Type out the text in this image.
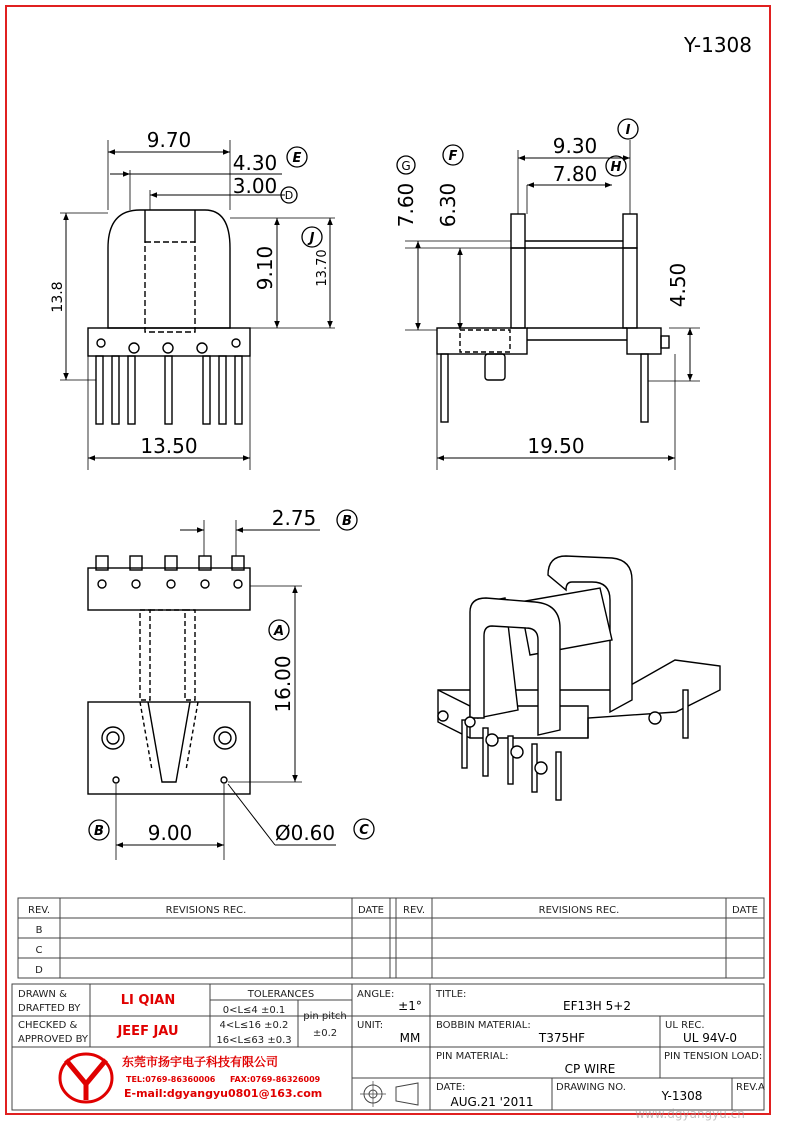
Y-1308
9.70
4.30
3.00
9.10	13.70
13.8
13.50
E
D
J
9.30
7.80
7.60 6.30
4.50
19.50
I
H
G
F
2.75
16.00
9.00	Ø0.60
B
A
B	C
REV.	REVISIONS REC.	DATE REV.	REVISIONS REC.	DATE
B
C
D
DRAWN &
DRAFTED BY
LI QIAN
CHECKED &
APPROVED BY
JEEF JAU
TOLERANCES
0<L≤4 ±0.1
4<L≤16 ±0.2
16<L≤63 ±0.3
pin pitch
±0.2
ANGLE:
±1°
UNIT:
MM
TITLE:
EF13H 5+2
BOBBIN MATERIAL:
T375HF
UL REC.
UL 94V-0
PIN MATERIAL:
CP WIRE
PIN TENSION LOAD:
DATE:
AUG.21 '2011
DRAWING NO.
Y-1308
REV.A
东莞市扬宇电子科技有限公司
TEL:0769-86360006 FAX:0769-86326009
E-mail:dgyangyu0801@163.com
www.dgyangyu.cn
